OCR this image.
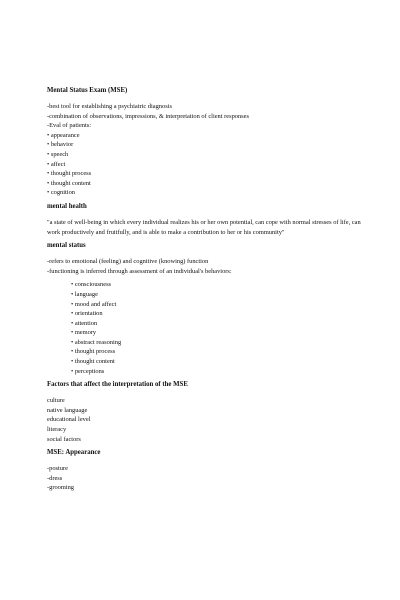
Mental Status Exam (MSE)
-best tool for establishing a psychiatric diagnosis
-combination of observations, impressions, & interpretation of client responses
-Eval of patients:
• appearance
• behavior
• speech
• affect
• thought process
• thought content
• cognition
mental health

"a state of well-being in which every individual realizes his or her own potential, can cope with normal stresses of life, can work productively and fruitfully, and is able to make a contribution to her or his community"

mental status
-refers to emotional (feeling) and cognitive (knowing) function
-functioning is inferred through assessment of an individual's behaviors:
• consciousness
• language
• mood and affect
• orientation
• attention
• memory
• abstract reasoning
• thought process
• thought content
• perceptions
Factors that affect the interpretation of the MSE
culture
native language
educational level
literacy
social factors
MSE: Appearance
-posture
-dress
-grooming
